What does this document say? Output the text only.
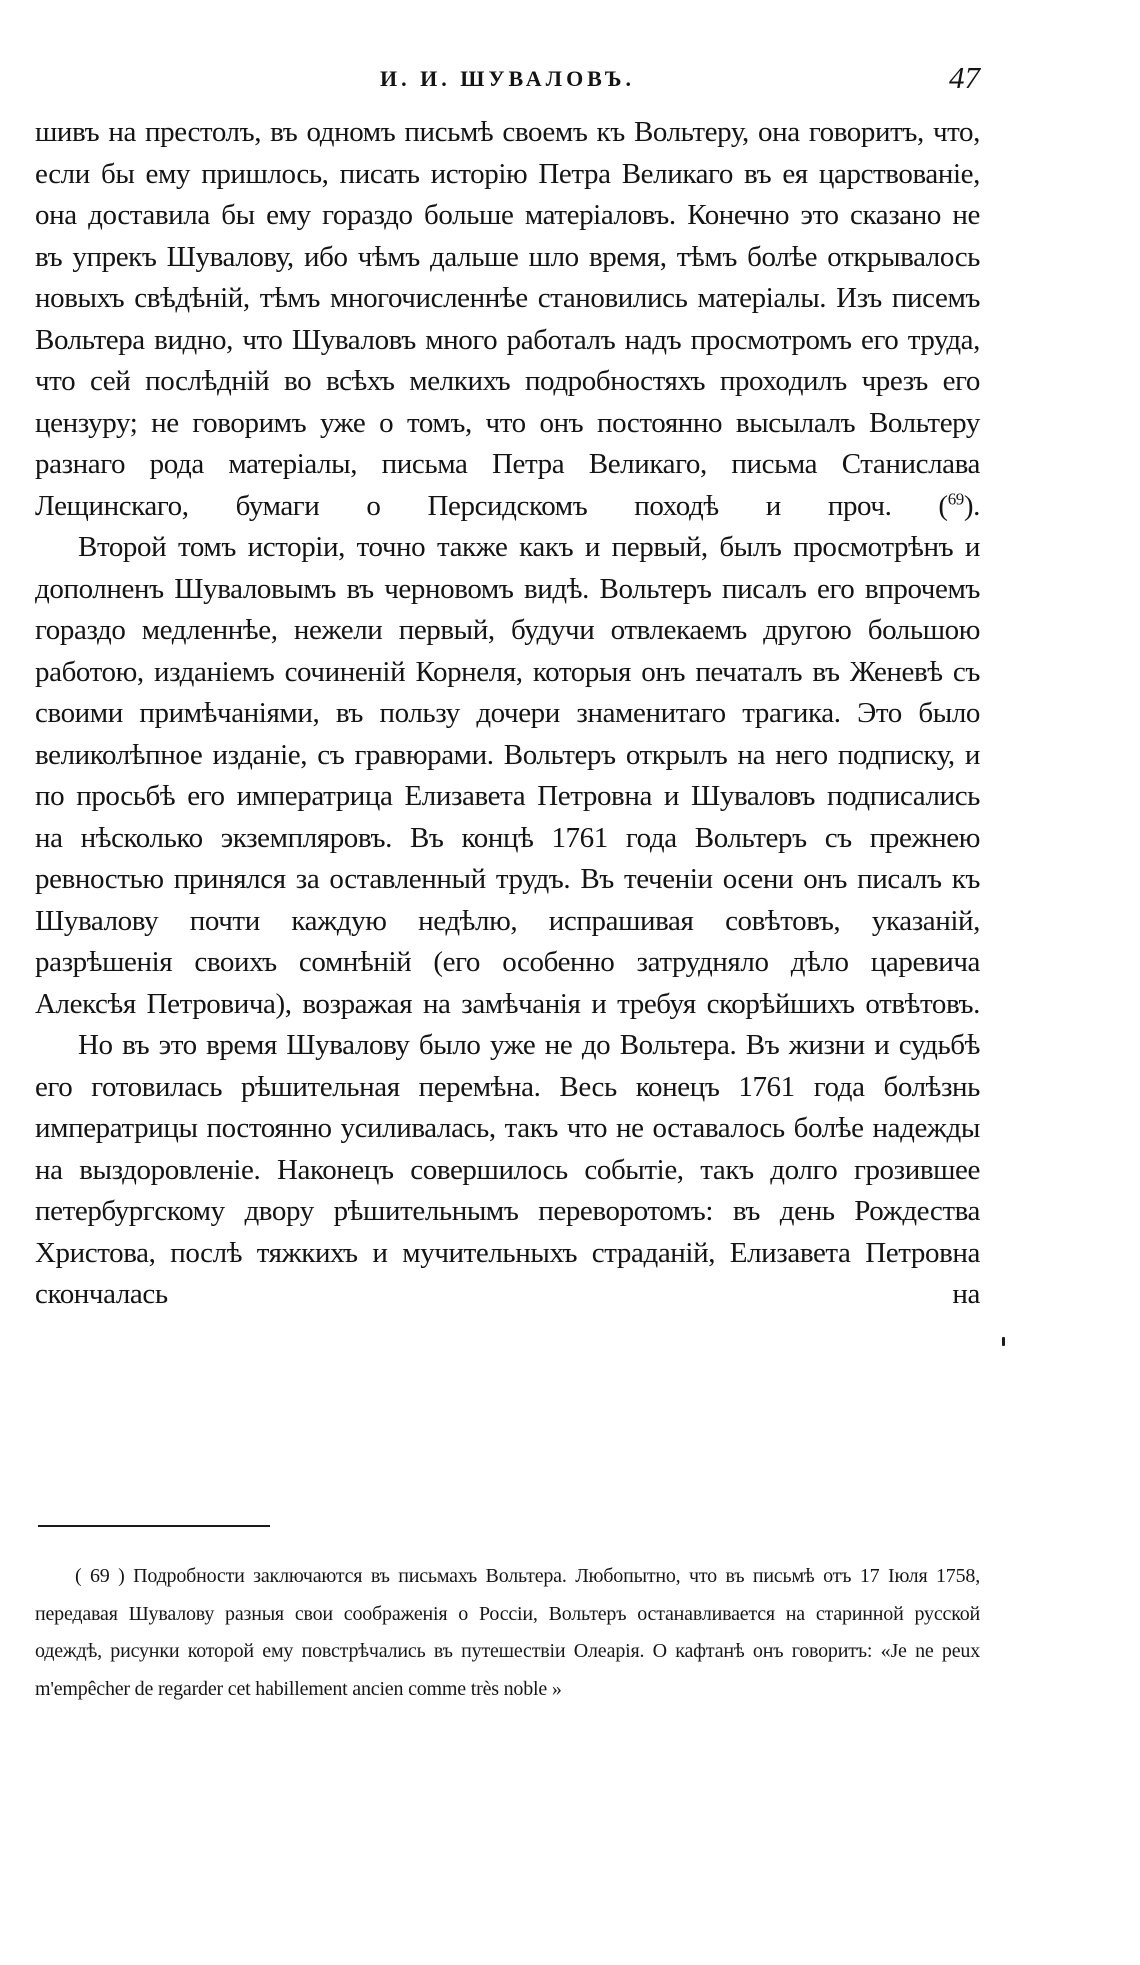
И. И. ШУВАЛОВЪ.	47

шивъ на престолъ, въ одномъ письмѣ своемъ къ Вольтеру, она говоритъ, что, если бы ему пришлось, писать исторію Петра Великаго въ ея царствованіе, она доставила бы ему гораздо больше матеріаловъ. Конечно это сказано не въ упрекъ Шувалову, ибо чѣмъ дальше шло время, тѣмъ болѣе открывалось новыхъ свѣдѣній, тѣмъ многочисленнѣе становились матеріалы. Изъ писемъ Вольтера видно, что Шуваловъ много работалъ надъ просмотромъ его труда, что сей послѣдній во всѣхъ мелкихъ подробностяхъ проходилъ чрезъ его цензуру; не говоримъ уже о томъ, что онъ постоянно высылалъ Вольтеру разнаго рода матеріалы, письма Петра Великаго, письма Станислава Лещинскаго, бумаги о Персидскомъ походѣ и проч. ($^{69}$).

Второй томъ исторіи, точно также какъ и первый, былъ просмотрѣнъ и дополненъ Шуваловымъ въ черновомъ видѣ. Вольтеръ писалъ его впрочемъ гораздо медленнѣе, нежели первый, будучи отвлекаемъ другою большою работою, изданіемъ сочиненій Корнеля, которыя онъ печаталъ въ Женевѣ съ своими примѣчаніями, въ пользу дочери знаменитаго трагика. Это было великолѣпное изданіе, съ гравюрами. Вольтеръ открылъ на него подписку, и по просьбѣ его императрица Елизавета Петровна и Шуваловъ подписались на нѣсколько экземпляровъ. Въ концѣ 1761 года Вольтеръ съ прежнею ревностью принялся за оставленный трудъ. Въ теченіи осени онъ писалъ къ Шувалову почти каждую недѣлю, испрашивая совѣтовъ, указаній, разрѣшенія своихъ сомнѣній (его особенно затрудняло дѣло царевича Алексѣя Петровича), возражая на замѣчанія и требуя скорѣйшихъ отвѣтовъ.

Но въ это время Шувалову было уже не до Вольтера. Въ жизни и судьбѣ его готовилась рѣшительная перемѣна. Весь конецъ 1761 года болѣзнь императрицы постоянно усиливалась, такъ что не оставалось болѣе надежды на выздоровленіе. Наконецъ совершилось событіе, такъ долго грозившее петербургскому двору рѣшительнымъ переворотомъ: въ день Рождества Христова, послѣ тяжкихъ и мучительныхъ страданій, Елизавета Петровна скончалась на

( 69 ) Подробности заключаются въ письмахъ Вольтера. Любопытно, что въ письмѣ отъ 17 Іюля 1758, передавая Шувалову разныя свои соображенія о Россіи, Вольтеръ останавливается на старинной русской одеждѣ, рисунки которой ему повстрѣчались въ путешествіи Олеарія. О кафтанѣ онъ говоритъ: «Je ne peux m'empêcher de regarder cet habillement ancien comme très noble »
